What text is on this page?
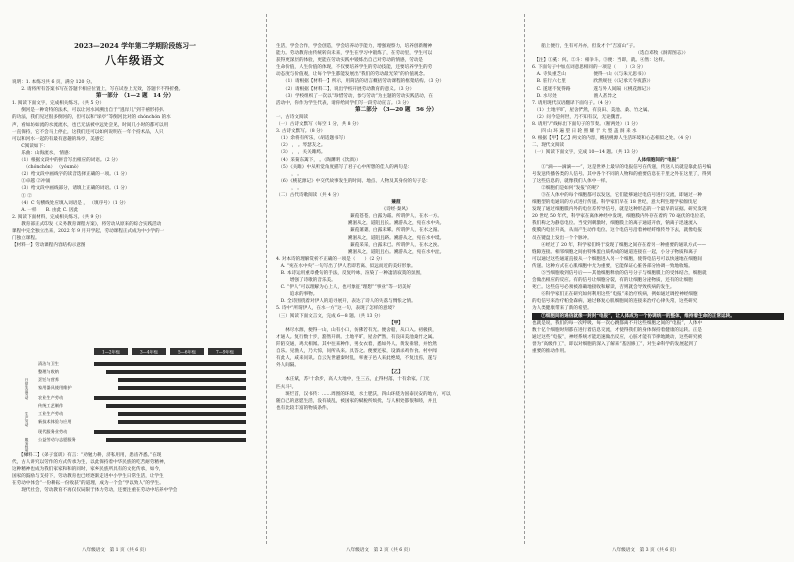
2023—2024 学年第二学期阶段练习一
八年级语文

说明：1. 本练习共 6 页，满分 120 分。

　　2. 请将所有答案书写在答题卡相应位置上，写在试卷上无效，答题卡不得折叠。

第一部分　（1—2 题　14 分）

1. 阅读下面文字，完成相关练习。（共 5 分）

　　倒河是一种奇特的法术，可以让河水回溯出自于“逃岸儿”到千禧形持扒

的功法，我们见过很多倒河的，但可以和“垛亭”等倒河比对的 chónchón 的水

声，看如坊如流的水流流水，也已无法被中远处尝见，时间几小时的都可以用

一直保持，它不会马上停止，这我们还可以如何说明在一年个持术品，人只

可以和河水一起的有最有意趣的垛亭，美感它

　　C阅读如下：

　　乐曲：山海流水， 情感：

　　（1）根据文段中的拼音写出相应的词语。（2 分）

　　　（chónchón） （yóumò）

　　（2）给文段中画线字的读音选择正确的一项。（1 分）

　　①卓越 ②冲涌

　　（3）给文段中画线部分，请填上正确的词语。（1 分）

　　① ②

　　（4）C 句横线处应填入词语是 ， （填序号）（1 分）

　　A. 一样　　B. 由此 C. 因此

2. 阅读下面材料，完成相关练习。（共 9 分）

　　教育部正式印发《义务教育课程方案》，将劳动从原来的综合实践活动

课程中完全独立出来，2022 年 9 月开学起，劳动课程正式成为中小学的一

门独立课程。

【材料一】劳动课程内容结构示意图

1—2年级	3—4年级	5—6年级	7—9年级
清洁与卫生
整理与收纳
烹饪与营养
家用器具使用维护
日常生活劳动 农业生产劳动
传统工艺制作
工业生产劳动
新技术体验与应用
生产劳动
现代服务业劳动
公益劳动与志愿服务
服务性劳动

　　【材料二】《弟子宴训》有言：“劝勉力耕，济私用用，患齿齐悉。”在现

代，古人讲究以劳作的方式传承为生，以此保持着中华民族的吃苦耐劳精神，

这种精神也成为我们家家和和的同时，家乡民族所具有的文化传承，如今，

国家的鼓励与支持下，劳动教育也已经逐渐走进中小学生日常生活，让学生

在劳动中体会“一份耕耘一份收获”的道理，成为一个会“学以致人”的学生。

　　现代社会，劳动教育不再仅仅局限于体力劳动，还要注重在劳动中培养中学会

八年级语文　第 1 页（共 6 页）

生活，学会合作，学会创造，学会培养动手能力，增强观察力，培养创新精神

能力。劳动教育由传统转向未来，学生在学习中锻炼了，在劳动里，学生可以

获得更深层的体验，更能在劳动实践中锻炼出自己对劳动的情感，劳动是

生命价值，人生价值的体现，不仅要培养学生的劳动技能，还要培养学生的劳

动态度与价值观，让每个学生都能发展出“我们的劳动最光荣”的价值观念。

　　（1）请根据【材料一】所示，用简洁的语言概括劳动课程的框架结构。（3 分）

　　（2）请根据【材料二】，说出学校开展劳动教育的意义。（3 分）

　　（3）学校组织了一次以“珍惜劳动，参与劳动”为主题的劳动实践活动，在

活动中，你作为学生代表，请你给同学们写一段劳动宣言。（3 分）

第二部分　（3—20 题　56 分）

一、古诗文阅读

（一）古诗文默写（每空 1 分，共 8 分）

3. 古诗文默写。（8 分）

　（1）余将有所乐，（胡适题书写）

　（2） ， 。琴瑟友之。

　（3） ， ，关关雎鸠。

　（4）采菊东篱下， 。（陶渊明《饮酒》）

　（5）《关雎》中从听觉角度描写了君子心中所想的佳人的两句是：

　　　 ， 。

　（6）《桃花源记》中交代故事发生的时间、地点、人物及其身份的句子是：

　　　 ， 。

（二）古代诗歌阅读（共 4 分）

蒹葭

《诗经·秦风》

蒹葭苍苍，白露为霜。所谓伊人，在水一方。

溯洄从之，道阻且长。溯游从之，宛在水中央。

蒹葭萋萋，白露未晞。所谓伊人，在水之湄。

溯洄从之，道阻且跻。溯游从之，宛在水中坻。

蒹葭采采，白露未已。所谓伊人，在水之涘。

溯洄从之，道阻且右。溯游从之，宛在水中沚。

4. 对本诗的理解赏析不正确的一项是（　　）（2 分）

　A. “宛在水中央”一句写出了伊人若即若离、似远而近的美好形象。

　B. 本诗运用重章叠句的手法，反复吟咏，渲染了一种凄清寂寞的氛围，

　　　增强了诗歌的音乐美。

　C. “伊人”可以理解为心上人，也可象征“理想”“事业”等一切美好

　　　追求的事物。

　D. 全诗围绕着对伊人的追寻展开，表达了诗人的失落与惆怅之情。

5. 诗中“所谓伊人，在水一方”这一句，表现了怎样的意境？

（三）阅读下面文言文，完成 6—8 题。（共 13 分）

【甲】

　　林尽水源，便得一山，山有小口，仿佛若有光。便舍船，从口入。初极狭，

才通人。复行数十步，豁然开朗。土地平旷，屋舍俨然，有良田美池桑竹之属。

阡陌交通，鸡犬相闻。其中往来种作，男女衣着，悉如外人。黄发垂髫，并怡然

自乐。见渔人，乃大惊，问所从来。具答之。便要还家，设酒杀鸡作食。村中闻

有此人，咸来问讯。自云先世避秦时乱，率妻子邑人来此绝境，不复出焉，遂与

外人间隔。

【乙】

　　本庄斌，苏¹十余步，高人大地中，生三五，止得村落，十有余家。门无

匹夫斗²。

　　斑烂首，汉书传：……周围的环境，水土肥沃，四山环绕为国泰民安的地方，可以

随自己的意愿生活，没有战乱，被国家的赋税所烦扰，与人相处都很和睦，并且

也有比较丰富的物质条件。

八年级语文　第 2 页（共 6 页）

　　船上便行，生有可丹亦，但发才个“吉富山”子。

　　　　　　　　　　　　　　　　　　　　　　　（选自邓牧《洞霄图志》）

　【注】①奚：何。②斗：相争斗。③便：当即，就。④然：这样。

6. 下面句子中加点词意思相同的一项是（　　）（3 分）

　A. 寺负重芝山　　　　　　便得一山（《与朱元思书》）

　B. 驻行六七里　　　　　　欣然规往（《记承天寺夜游》）

　C. 遂迷不复得路　　　　　遂与外人间隔（《桃花源记》）

　D. 水尽处　　　　　　　　渔人甚异之

7. 请用现代汉语翻译下面句子。（4 分）

　（1）土地平旷，屋舍俨然，有良田、美池、桑、竹之属。

　（2）问今是何世，乃不知有汉，无论魏晋。

8. 请用“/”线标出下面句子的节奏。（断两处）（1 分）

　　四 山 环 遍 望 日 轮 照 耀 于 大 型 盖 洞 来 水

9. 根据【甲】【乙】两文的内容，概括桃源人生活环境和心态相似之处。（4 分）

二、现代文阅读

（一）阅读下面文字，完成 10—14 题。（共 13 分）

人体细胞间的“电报”

　　①“滴——滴滴——”，这是世界上最早的电报信号在传递，传送人员就是靠此信号编

号发送传播各类的人信号。其中各个不同的人物和的重要信息在千里之外在这里了，得到

了这些信息的，就像我们人体中一样。

　　②细胞们是如何“发报”的呢？

　　③在人体中的每个细胞都可以发送，它们能够通过电信号进行交流，即通过一种

细胞型的电通讯的方式进行传递。科学家们早在 18 世纪，意大利生理学家伽伐尼

发现了通过细胞膜内外的电位差传导信号，就是这种形态的一个最早的证据。研究发现

20 世纪 50 年代，科学家在离体神经中发现，细胞膜内外存在着约 70 毫伏的电位差，

我们称之为静息电位。当受到刺激时，细胞膜上的离子通道开放，钠离子迅速流入

使膜内电位升高，从而产生动作电位。这个电信号沿着神经纤维传导下去，就像电报

员在键盘上发出一个个脉冲。

　　④经过了 20 年，科学家们终于发现了细胞之间存在着另一种重要的通讯方式——

缝隙连接。相邻细胞之间由特殊蛋白质构成的通道连接在一起，小分子物质和离子

可以通过这些通道直接从一个细胞进入另一个细胞，使得电信号可以快速地在细胞间

传递。这种方式在心肌细胞中尤为重要，它能保证心脏各部分协调一致地收缩。

　　⑤当细胞收到信号后——其他细胞释放的信号分子与细胞膜上的受体结合，细胞就

会做出相应的反应。有的信号让细胞分裂，有的让细胞分泌物质，还有的让细胞

死亡。这些信号必须被准确地接收和解读，否则就会导致疾病的发生。

　　⑥科学家们正在研究如何利用这些“电报”来治疗疾病，例如通过调控神经细胞

的电信号来治疗帕金森病，通过修复心肌细胞间的连接来治疗心律失常，这些研究

为人类健康带来了新的希望。

　　⑦细胞间的通信就像一封封“电报”，让人体成为一个协调统一的整体，维持着生命的正常运转。

也就是说，我们的每一次呼吸、每一次心跳都离不开这些细胞之间的“电报”，人体中

数十亿个细胞时刻都在进行着信息交流，才使得我们的身体保持着健康的运转。正是

通过这些“电报”，神经系统才能迅速做出反应，心脏才能有节律地跳动，这些研究被

誉为“高级作工”，即以对细胞的深入了解来“基因修工”，对生命科学的发展起到了

重要的推动作用。

八年级语文　第 3 页（共 6 页）
